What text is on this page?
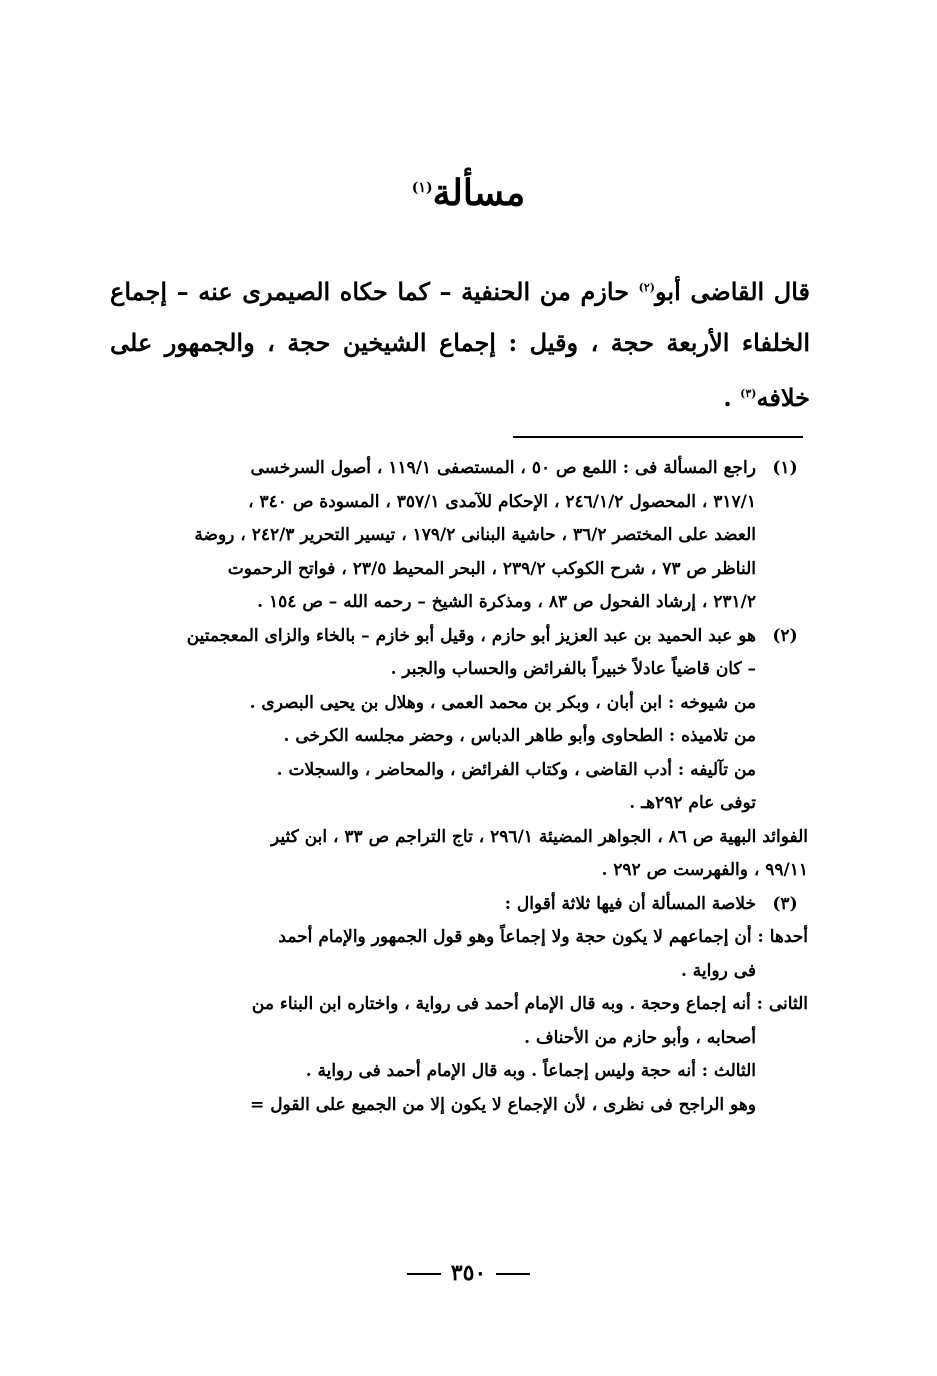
مسألة$^{(١)}$

قال القاضى أبو$^{(٢)}$ حازم من الحنفية – كما حكاه الصيمرى عنه – إجماع الخلفاء الأربعة حجة ، وقيل : إجماع الشيخين حجة ، والجمهور على خلافه$^{(٣)}$ .

(١)
راجع المسألة فى : اللمع ص ٥٠ ، المستصفى ١١٩/١ ، أصول السرخسى
٣١٧/١ ، المحصول ٢٤٦/١/٢ ، الإحكام للآمدى ٣٥٧/١ ، المسودة ص ٣٤٠ ،
العضد على المختصر ٣٦/٢ ، حاشية البنانى ١٧٩/٢ ، تيسير التحرير ٢٤٢/٣ ، روضة
الناظر ص ٧٣ ، شرح الكوكب ٢٣٩/٢ ، البحر المحيط ٢٣/٥ ، فواتح الرحموت
٢٣١/٢ ، إرشاد الفحول ص ٨٣ ، ومذكرة الشيخ – رحمه الله – ص ١٥٤ .
(٢)
هو عبد الحميد بن عبد العزيز أبو حازم ، وقيل أبو خازم – بالخاء والزاى المعجمتين
– كان قاضياً عادلاً خبيراً بالفرائض والحساب والجبر .
من شيوخه : ابن أبان ، وبكر بن محمد العمى ، وهلال بن يحيى البصرى .
من تلاميذه : الطحاوى وأبو طاهر الدباس ، وحضر مجلسه الكرخى .
من تآليفه : أدب القاضى ، وكتاب الفرائض ، والمحاضر ، والسجلات .
توفى عام ٢٩٢هـ .
الفوائد البهية ص ٨٦ ، الجواهر المضيئة ٢٩٦/١ ، تاج التراجم ص ٣٣ ، ابن كثير
٩٩/١١ ، والفهرست ص ٢٩٢ .
(٣)
خلاصة المسألة أن فيها ثلاثة أقوال :
أحدها : أن إجماعهم لا يكون حجة ولا إجماعاً وهو قول الجمهور والإمام أحمد
فى رواية .
الثانى : أنه إجماع وحجة . وبه قال الإمام أحمد فى رواية ، واختاره ابن البناء من
أصحابه ، وأبو حازم من الأحناف .
الثالث : أنه حجة وليس إجماعاً . وبه قال الإمام أحمد فى رواية .
وهو الراجح فى نظرى ، لأن الإجماع لا يكون إلا من الجميع على القول =
٣٥٠
